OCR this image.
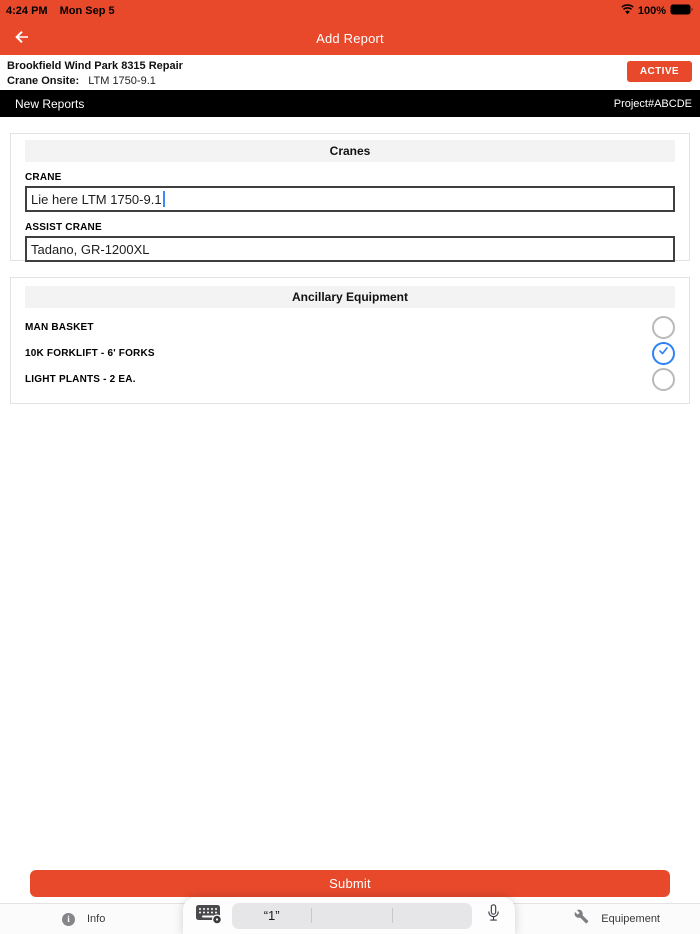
4:24 PM Mon Sep 5	100%
Add Report
Brookfield Wind Park 8315 Repair
Crane Onsite: LTM 1750-9.1
ACTIVE
New Reports	Project#ABCDE
Cranes
CRANE
Lie here LTM 1750-9.1
ASSIST CRANE
Tadano, GR-1200XL
Ancillary Equipment
MAN BASKET
10K FORKLIFT - 6' FORKS
LIGHT PLANTS - 2 EA.
Submit
i	Info	Equipement
“1”
